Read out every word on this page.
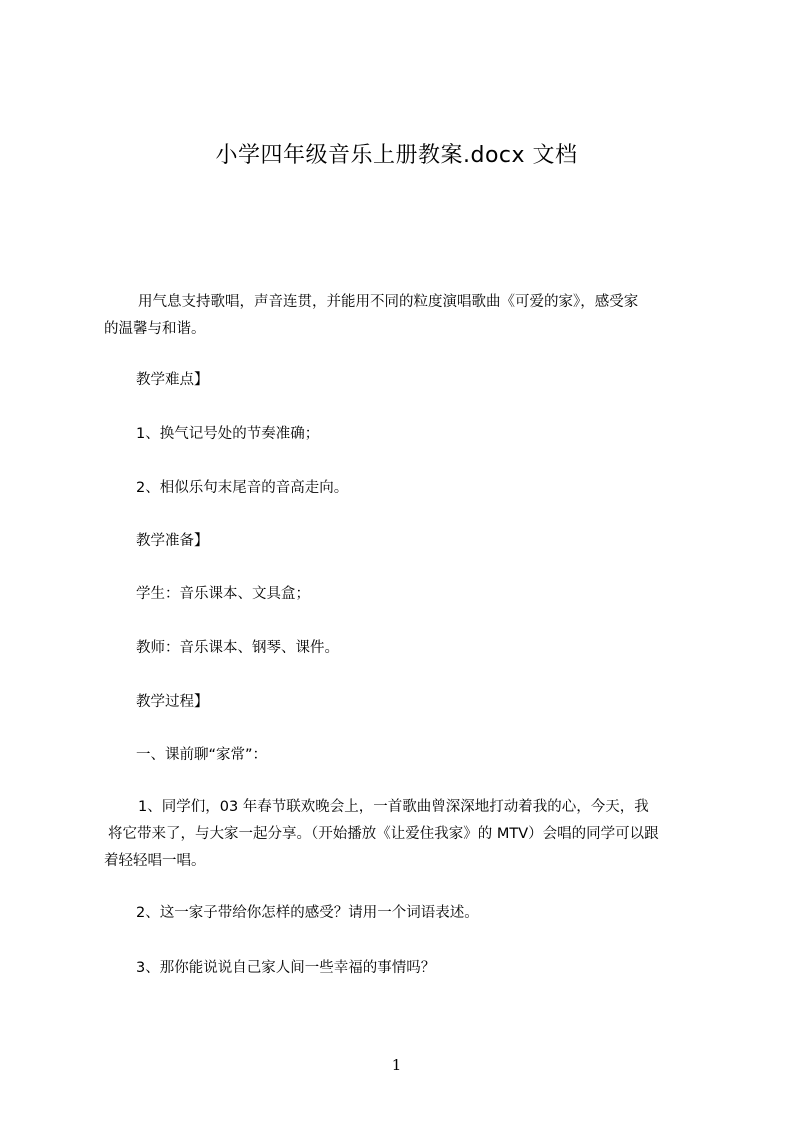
小学四年级音乐上册教案.docx 文档
用气息支持歌唱，声音连贯，并能用不同的粒度演唱歌曲《可爱的家》，感受家
的温馨与和谐。
教学难点】
1、换气记号处的节奏准确；
2、相似乐句末尾音的音高走向。
教学准备】
学生：音乐课本、文具盒；
教师：音乐课本、钢琴、课件。
教学过程】
一、课前聊“家常”：
1、同学们，03 年春节联欢晚会上，一首歌曲曾深深地打动着我的心，今天，我
将它带来了，与大家一起分享。（开始播放《让爱住我家》的 MTV）会唱的同学可以跟
着轻轻唱一唱。
2、这一家子带给你怎样的感受？请用一个词语表述。
3、那你能说说自己家人间一些幸福的事情吗？
1
